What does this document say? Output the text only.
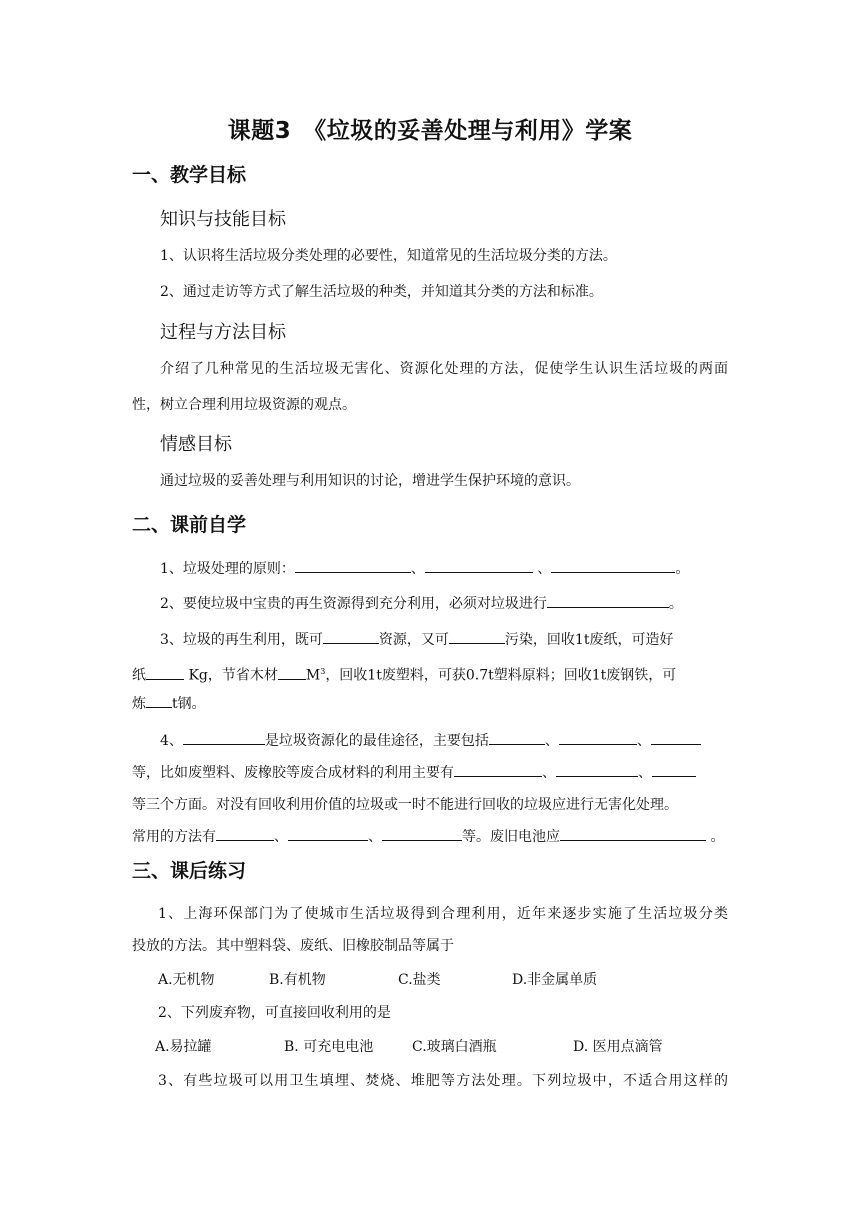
课题3　《垃圾的妥善处理与利用》学案
一、教学目标
知识与技能目标
1、认识将生活垃圾分类处理的必要性，知道常见的生活垃圾分类的方法。
2、通过走访等方式了解生活垃圾的种类，并知道其分类的方法和标准。
过程与方法目标
介绍了几种常见的生活垃圾无害化、资源化处理的方法，促使学生认识生活垃圾的两面
性，树立合理利用垃圾资源的观点。
情感目标
通过垃圾的妥善处理与利用知识的讨论，增进学生保护环境的意识。
二、课前自学
1、垃圾处理的原则：	、	、	。
2、要使垃圾中宝贵的再生资源得到充分利用，必须对垃圾进行	。
3、垃圾的再生利用，既可	资源，又可	污染，回收1t废纸，可造好
纸	Kg，节省木材 $M^3$，回收1t废塑料，可获0.7t塑料原料；回收1t废钢铁，可
炼 t钢。
4、	是垃圾资源化的最佳途径，主要包括	、	、
等，比如废塑料、废橡胶等废合成材料的利用主要有	、	、
等三个方面。对没有回收利用价值的垃圾或一时不能进行回收的垃圾应进行无害化处理。
常用的方法有	、	、	等。废旧电池应	。
三、课后练习
1、上海环保部门为了使城市生活垃圾得到合理利用，近年来逐步实施了生活垃圾分类
投放的方法。其中塑料袋、废纸、旧橡胶制品等属于
A.无机物	B.有机物	C.盐类	D.非金属单质
2、下列废弃物，可直接回收利用的是
A.易拉罐	B. 可充电电池	C.玻璃白酒瓶	D. 医用点滴管
3、有些垃圾可以用卫生填埋、焚烧、堆肥等方法处理。下列垃圾中，不适合用这样的
